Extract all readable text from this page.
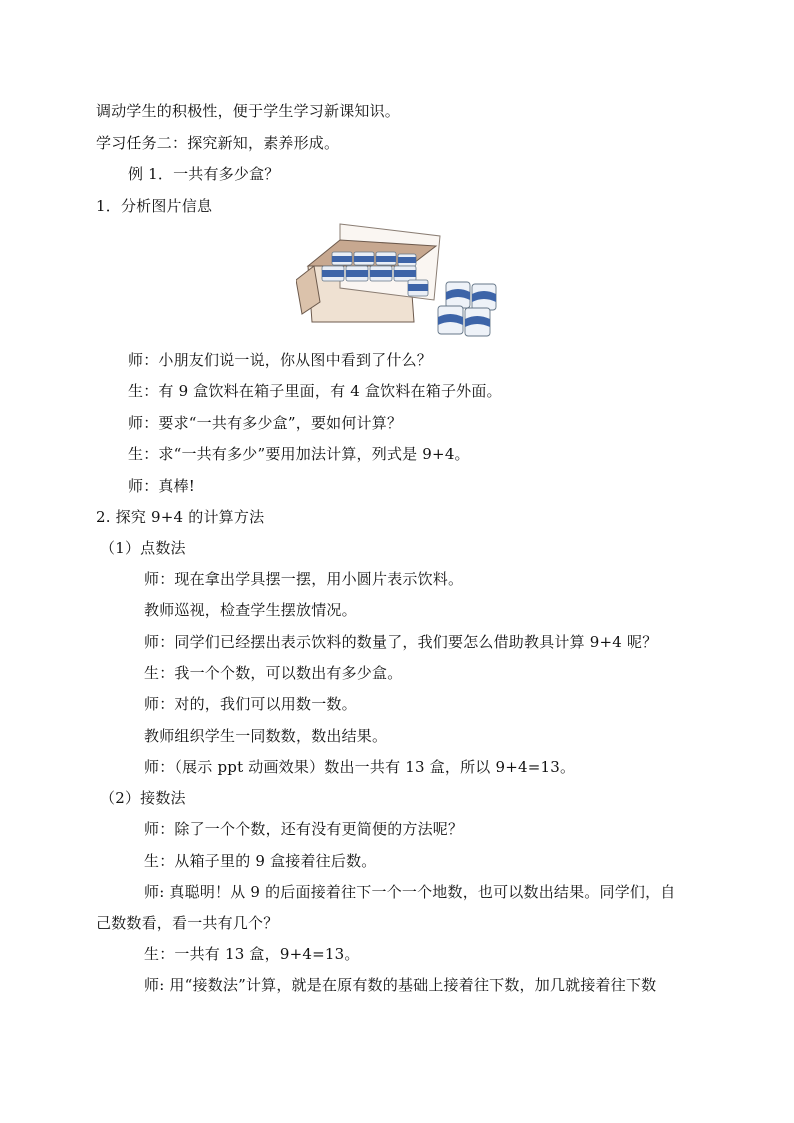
调动学生的积极性，便于学生学习新课知识。
学习任务二：探究新知，素养形成。
例 1．一共有多少盒？
1．分析图片信息
师：小朋友们说一说，你从图中看到了什么？
生：有 9 盒饮料在箱子里面，有 4 盒饮料在箱子外面。
师：要求“一共有多少盒”，要如何计算？
生：求“一共有多少”要用加法计算，列式是 9+4。
师：真棒!
2. 探究 9+4 的计算方法
（1）点数法
师：现在拿出学具摆一摆，用小圆片表示饮料。
教师巡视，检查学生摆放情况。
师：同学们已经摆出表示饮料的数量了，我们要怎么借助教具计算 9+4 呢？
生：我一个个数，可以数出有多少盒。
师：对的，我们可以用数一数。
教师组织学生一同数数，数出结果。
师：（展示 ppt 动画效果）数出一共有 13 盒，所以 9+4=13。
（2）接数法
师：除了一个个数，还有没有更简便的方法呢？
生：从箱子里的 9 盒接着往后数。
师: 真聪明！从 9 的后面接着往下一个一个地数，也可以数出结果。同学们，自
己数数看，看一共有几个？
生：一共有 13 盒，9+4=13。
师: 用“接数法”计算，就是在原有数的基础上接着往下数，加几就接着往下数
